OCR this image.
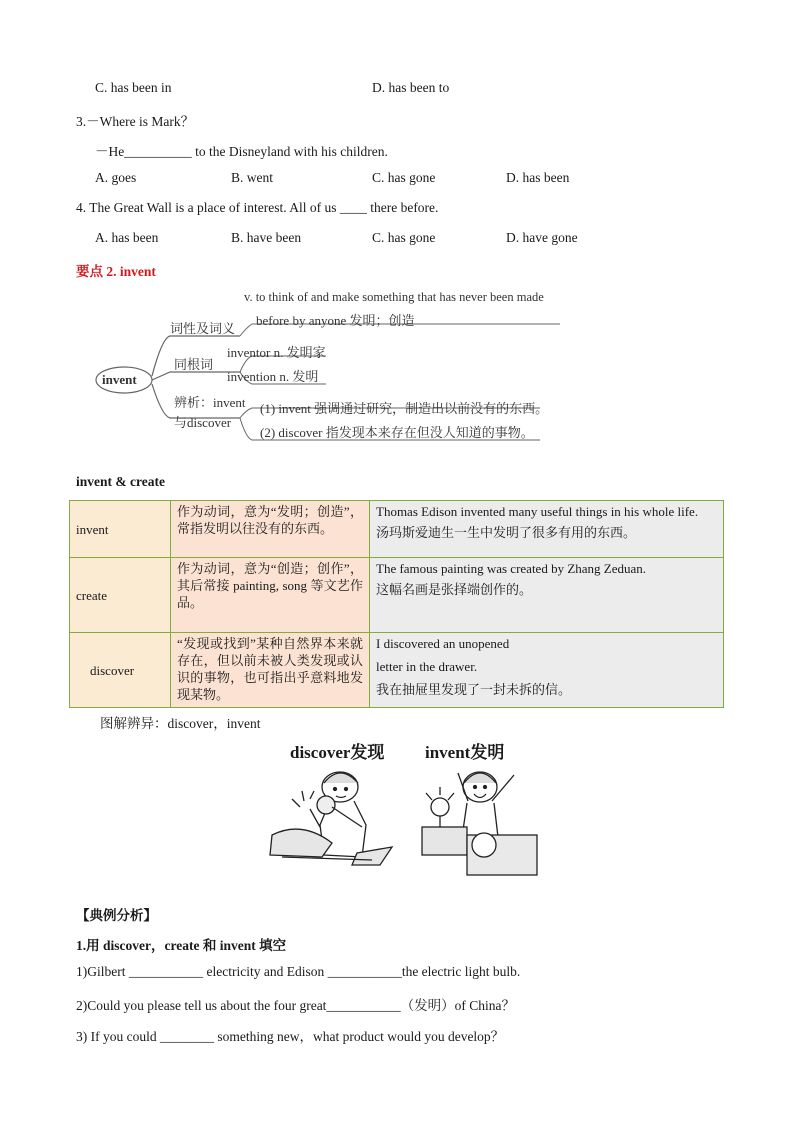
C. has been in	D. has been to
3.－Where is Mark？
－He__________ to the Disneyland with his children.
A. goes	B. went	C. has gone	D. has been
4. The Great Wall is a place of interest. All of us ____ there before.
A. has been	B. have been	C. has gone	D. have gone
要点 2. invent
invent
词性及词义
v. to think of and make something that has never been made
before by anyone 发明；创造
同根词
inventor n. 发明家
invention n. 发明
辨析：invent
与discover
(1) invent 强调通过研究，制造出以前没有的东西。
(2) discover 指发现本来存在但没人知道的事物。
invent & create
invent	作为动词，意为“发明；创造”，常指发明以往没有的东西。	Thomas Edison invented many useful things in his whole life.
汤玛斯爱迪生一生中发明了很多有用的东西。

create	作为动词，意为“创造；创作”，其后常接 painting, song 等文艺作品。	The famous painting was created by Zhang Zeduan.
这幅名画是张择端创作的。

discover	“发现或找到”某种自然界本来就存在，但以前未被人类发现或认识的事物，也可指出乎意料地发现某物。	I discovered an unopened
letter in the drawer.
我在抽屉里发现了一封未拆的信。
图解辨异：discover，invent
discover发现 invent发明
【典例分析】
1.用 discover，create 和 invent 填空
1)Gilbert ___________ electricity and Edison ___________the electric light bulb.
2)Could you please tell us about the four great___________（发明）of China？
3) If you could ________ something new，what product would you develop？
